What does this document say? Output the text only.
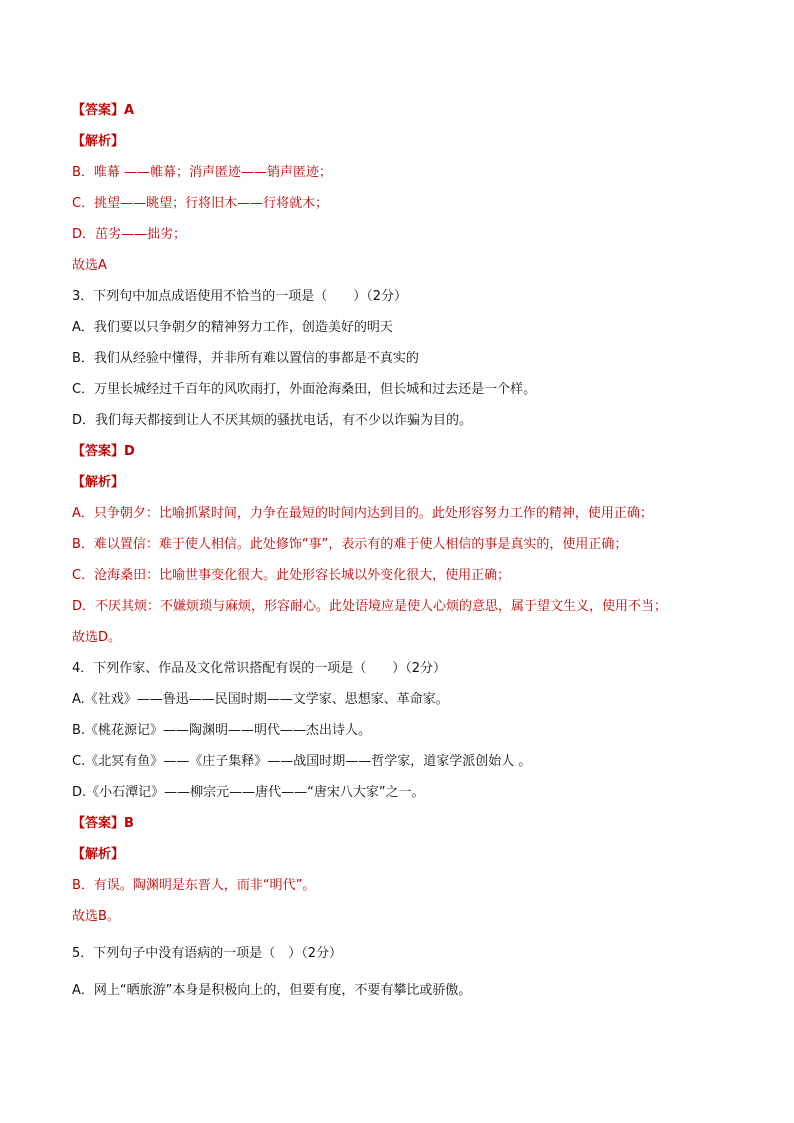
【答案】A
【解析】
B．唯幕 ——帷幕；消声匿迹——销声匿迹；
C．挑望——眺望；行将旧木——行将就木；
D．茁劣——拙劣；
故选A
3．下列句中加点成语使用不恰当的一项是（　　）（2分）
A．我们要以只争朝夕的精神努力工作，创造美好的明天
B．我们从经验中懂得，并非所有难以置信的事都是不真实的
C．万里长城经过千百年的风吹雨打，外面沧海桑田，但长城和过去还是一个样。
D．我们每天都接到让人不厌其烦的骚扰电话，有不少以诈骗为目的。
【答案】D
【解析】
A．只争朝夕：比喻抓紧时间，力争在最短的时间内达到目的。此处形容努力工作的精神，使用正确；
B．难以置信：难于使人相信。此处修饰“事”，表示有的难于使人相信的事是真实的，使用正确；
C．沧海桑田：比喻世事变化很大。此处形容长城以外变化很大，使用正确；
D．不厌其烦：不嫌烦琐与麻烦，形容耐心。此处语境应是使人心烦的意思，属于望文生义，使用不当；
故选D。
4．下列作家、作品及文化常识搭配有误的一项是（　　）（2分）
A.《社戏》——鲁迅——民国时期——文学家、思想家、革命家。
B.《桃花源记》——陶渊明——明代——杰出诗人。
C.《北冥有鱼》——《庄子集释》——战国时期——哲学家，道家学派创始人 。
D.《小石潭记》——柳宗元——唐代——“唐宋八大家”之一。
【答案】B
【解析】
B．有误。陶渊明是东晋人，而非“明代”。
故选B。
5．下列句子中没有语病的一项是（　）（2分）
A．网上“晒旅游”本身是积极向上的，但要有度，不要有攀比或骄傲。
